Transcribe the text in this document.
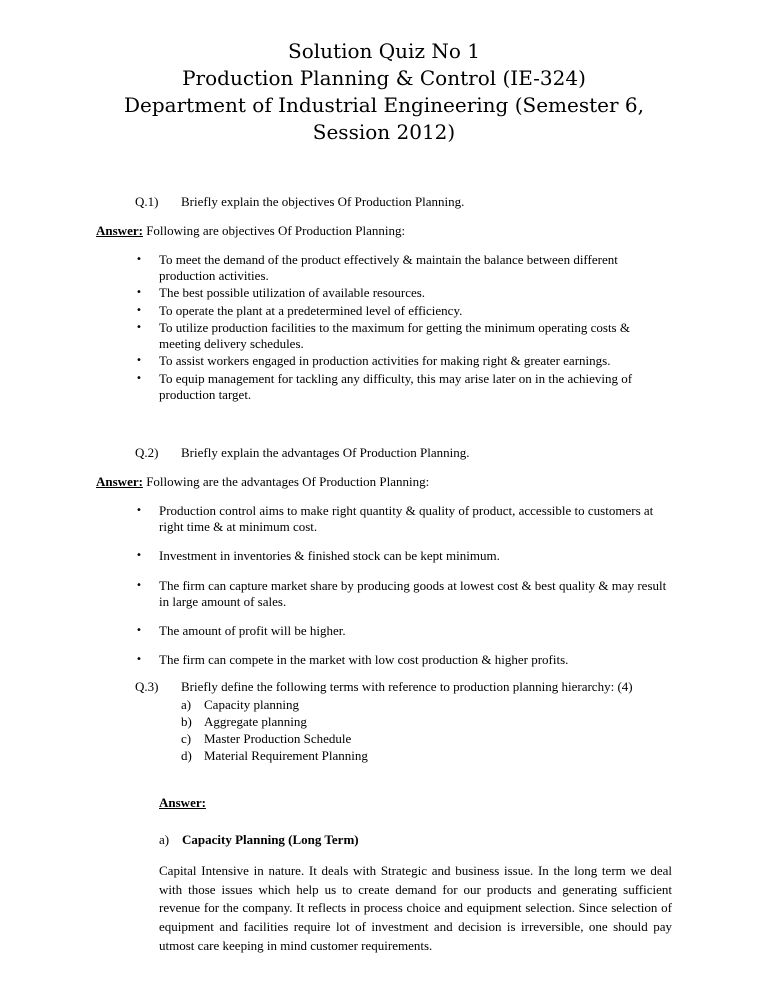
Solution Quiz No 1
Production Planning & Control (IE-324)
Department of Industrial Engineering (Semester 6, Session 2012)
Q.1)	Briefly explain the objectives Of Production Planning.

Answer: Following are objectives Of Production Planning:

•	To meet the demand of the product effectively & maintain the balance between different production activities.
•	The best possible utilization of available resources.
•	To operate the plant at a predetermined level of efficiency.
•	To utilize production facilities to the maximum for getting the minimum operating costs & meeting delivery schedules.
•	To assist workers engaged in production activities for making right & greater earnings.
•	To equip management for tackling any difficulty, this may arise later on in the achieving of production target.
Q.2)	Briefly explain the advantages Of Production Planning.

Answer: Following are the advantages Of Production Planning:

•	Production control aims to make right quantity & quality of product, accessible to customers at right time & at minimum cost.
•	Investment in inventories & finished stock can be kept minimum.
•	The firm can capture market share by producing goods at lowest cost & best quality & may result in large amount of sales.
•	The amount of profit will be higher.
•	The firm can compete in the market with low cost production & higher profits.
Q.3)	Briefly define the following terms with reference to production planning hierarchy: (4)
a) Capacity planning
b) Aggregate planning
c) Master Production Schedule
d) Material Requirement Planning
Answer:
a) Capacity Planning (Long Term)

Capital Intensive in nature. It deals with Strategic and business issue. In the long term we deal with those issues which help us to create demand for our products and generating sufficient revenue for the company. It reflects in process choice and equipment selection. Since selection of equipment and facilities require lot of investment and decision is irreversible, one should pay utmost care keeping in mind customer requirements.
